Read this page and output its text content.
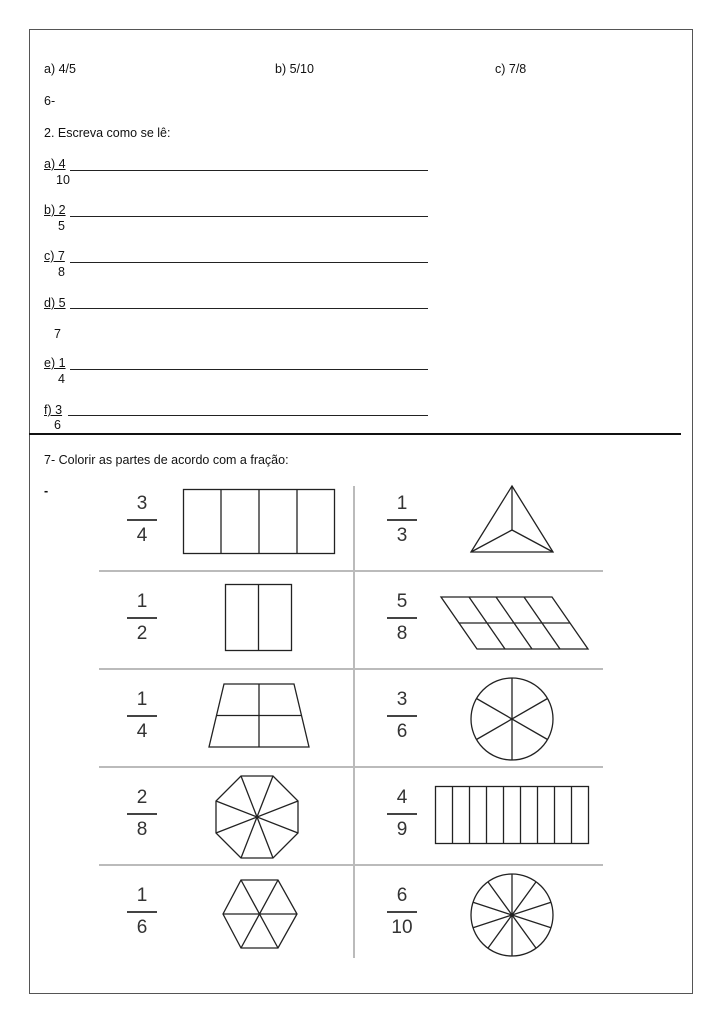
a) 4/5	b) 5/10	c) 7/8
6-
2. Escreva como se lê:
a) 4
10
b) 2
5
c) 7
8
d) 5
7
e) 1
4
f) 3
6
7- Colorir as partes de acordo com a fração:
-
3
4
1
3
1
2
5
8
1
4
3
6
2
8
4
9
1
6
6
10
